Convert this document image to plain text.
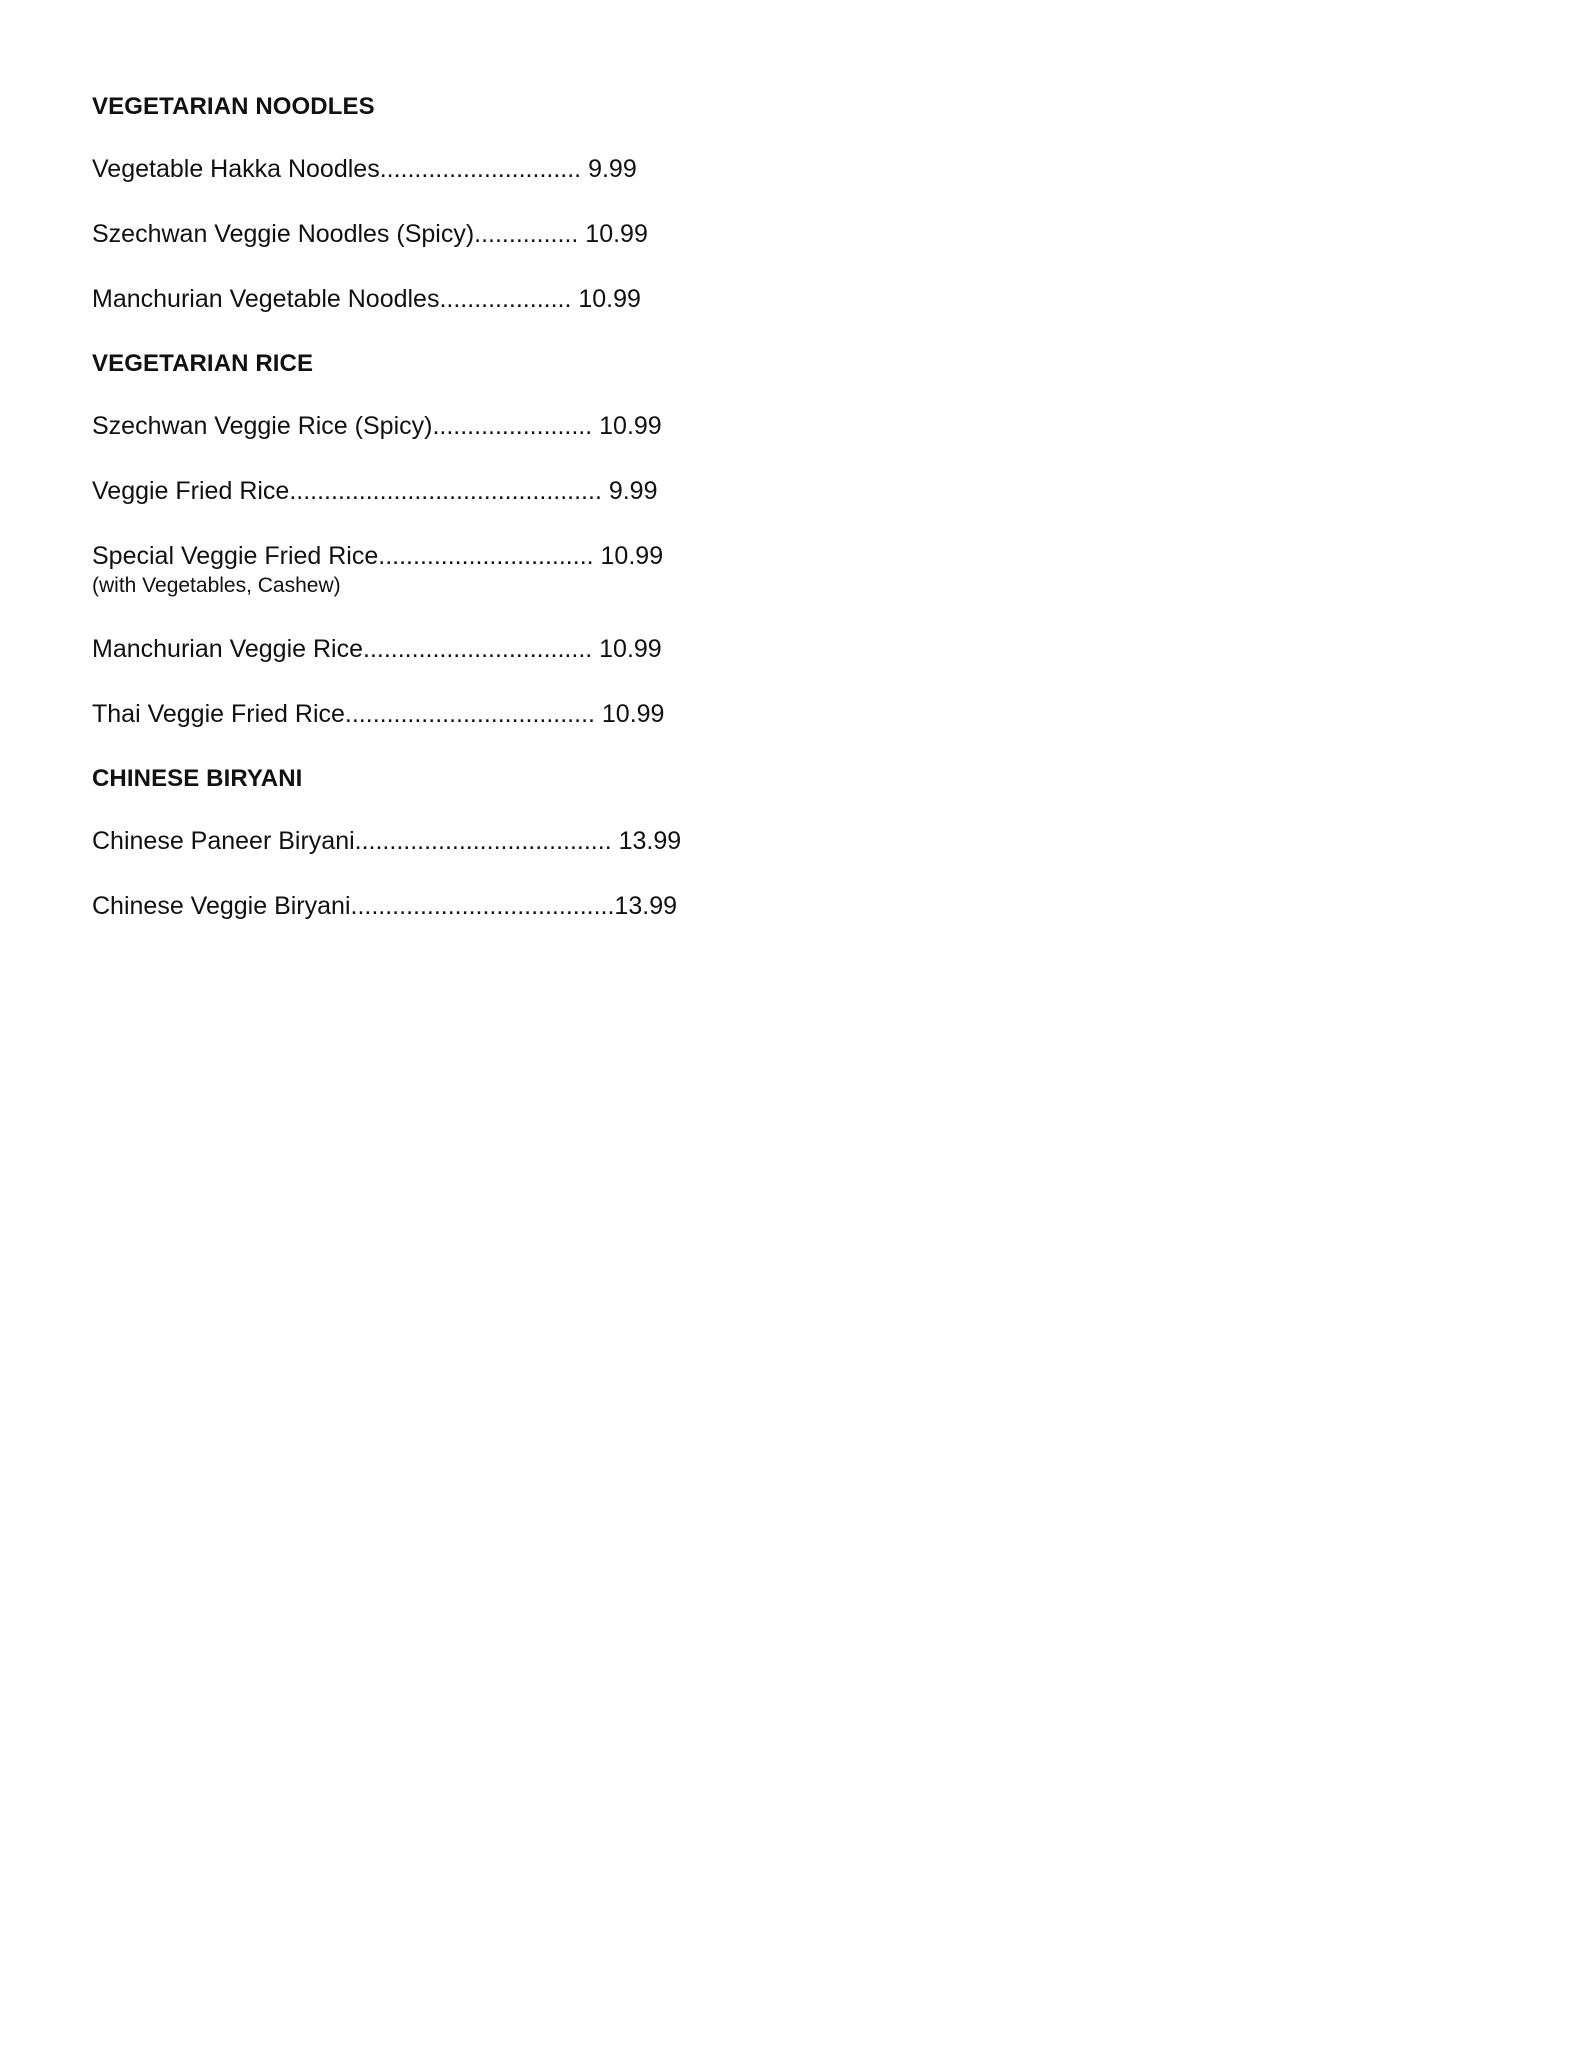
VEGETARIAN NOODLES
Vegetable Hakka Noodles............................. 9.99
Szechwan Veggie Noodles (Spicy)............... 10.99
Manchurian Vegetable Noodles................... 10.99
VEGETARIAN RICE
Szechwan Veggie Rice (Spicy)....................... 10.99
Veggie Fried Rice............................................. 9.99
Special Veggie Fried Rice............................... 10.99
(with Vegetables, Cashew)
Manchurian Veggie Rice................................. 10.99
Thai Veggie Fried Rice.................................... 10.99
CHINESE BIRYANI
Chinese Paneer Biryani..................................... 13.99
Chinese Veggie Biryani......................................13.99
